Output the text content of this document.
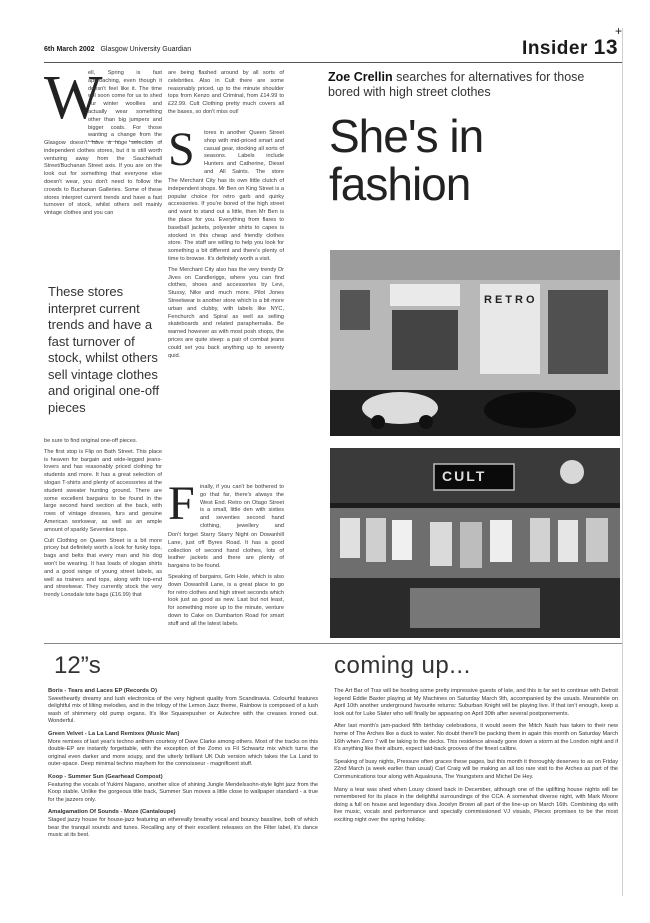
+
6th March 2002 Glasgow University Guardian	Insider 13
Zoe Crellin searches for alternatives for those bored with high street clothes
She's in
fashion
W

ell, Spring is fast approaching, even though it doesn't feel like it. The time will soon come for us to shed our winter woollies and actually wear something other than big jumpers and bigger coats. For those wanting a change from the

Glasgow doesn't have a huge selection of independent clothes stores, but it is still worth venturing away from the Sauchiehall Street/Buchanan Street axis. If you are on the look out for something that everyone else doesn't wear, you don't need to follow the crowds to Buchanan Galleries. Some of these stores interpret current trends and have a fast turnover of stock, whilst others sell mainly vintage clothes and you can

These stores interpret current trends and have a fast turnover of stock, whilst others sell vintage clothes and original one-off pieces

be sure to find original one-off pieces.

The first stop is Flip on Bath Street. This place is heaven for bargain and wide-legged jeans-lovers and has reasonably priced clothing for students and more. It has a great selection of slogan T-shirts and plenty of accessories at the student sweater hunting ground. There are some excellent bargains to be found in the large second hand section at the back, with rows of vintage dresses, furs and genuine American workwear, as well as an ample amount of sparkly Seventies tops.

Cult Clothing on Queen Street is a bit more pricey but definitely worth a look for funky tops, bags and belts that every man and his dog won't be wearing. It has loads of slogan shirts and a good range of young street labels, as well as trainers and tops, along with top-end and streetwear. They currently stock the very trendy Lonsdale tote bags (£16.99) that

are being flashed around by all sorts of celebrities. Also in Cult there are some reasonably priced, up to the minute shoulder tops from Kenzo and Criminal, from £14.99 to £22.99. Cult Clothing pretty much covers all the bases, so don't miss out!

S tores in another Queen Street shop with mid-priced smart and casual gear, stocking all sorts of seasons. Labels include Hunters and Catherine, Diesel and All Saints. The store

The Merchant City has its own little clutch of independent shops. Mr Ben on King Street is a popular choice for retro garb and quirky accessories. If you're bored of the high street and want to stand out a little, then Mr Ben is the place for you. Everything from flares to baseball jackets, polyester shirts to capes is stocked in this cheap and friendly clothes store. The staff are willing to help you look for something a bit different and there's plenty of time to browse. It's definitely worth a visit.

The Merchant City also has the very trendy Dr Jives on Candleriggs, where you can find clothes, shoes and accessories by Levi, Stussy, Nike and much more. Pilot Jones Streetwear is another store which is a bit more urban and clubby, with labels like NYC, Fenchurch and Spiral as well as selling skateboards and related paraphernalia. Be warned however as with most posh shops, the prices are quite steep: a pair of combat jeans could set you back anything up to seventy quid.

F inally, if you can't be bothered to go that far, there's always the West End. Retro on Otago Street is a small, little den with sixties and seventies second hand clothing, jewellery and

Don't forget Starry Starry Night on Dowanhill Lane, just off Byres Road. It has a good collection of second hand clothes, lots of leather jackets and there are plenty of bargains to be found.

Speaking of bargains, Grin Hole, which is also down Dowanhill Lane, is a great place to go for retro clothes and high street seconds which look just as good as new. Last but not least, for something more up to the minute, venture down to Cake on Dumbarton Road for smart stuff and all the latest labels.

RETRO
CULT
12”s	coming up...
Boris - Tears and Laces EP (Records O)

Sweetheartly dreamy and lush electronica of the very highest quality from Scandinavia. Colourful features delightful mix of lilting melodies, and in the trilogy of the Lemon Jazz theme, Rainbow is composed of a lush wash of shimmery old pump organs. It's like Squarepusher or Autechre with the creases ironed out. Wonderful.

Green Velvet - La La Land Remixes (Music Man)

More remixes of last year's techno anthem courtesy of Dave Clarke among others. Most of the tracks on this double-EP are instantly forgettable, with the exception of the Zomo vs Fil Schwartz mix which turns the original even darker and more soupy, and the utterly brilliant UK Dub version which takes the La Land to outer-space. Deep minimal techno mayhem for the connoisseur - magnificent stuff.

Koop - Summer Sun (Gearhead Compost)

Featuring the vocals of Yukimi Nagano, another slice of shining Jungle Mendelssohn-style light jazz from the Koop stable. Unlike the gorgeous title track, Summer Sun moves a little close to wallpaper standard - a true for the jazzers only.

Amalgamation Of Sounds - Moze (Cantaloupe)

Staged jazzy house for house-jazz featuring an ethereally breathy vocal and bouncy bassline, both of which bear the tranquil sounds and tunes. Recalling any of their excellent releases on the Filter label, it's dance music at its best.

The Art Bar of Trax will be hosting some pretty impressive guests of late, and this is far set to continue with Detroit legend Eddie Baxter playing at My Machines on Saturday March 9th, accompanied by the usuals. Meanwhile on April 10th another underground favourite returns: Suburban Knight will be playing live. If that isn't enough, keep a look out for Luke Slater who will finally be appearing on April 30th after several postponements.

After last month's jam-packed fifth birthday celebrations, it would seem the Mitch Nash has taken to their new home of The Arches like a duck to water. No doubt there'll be packing them in again this month on Saturday March 16th when Zero 7 will be taking to the decks. This residence already gone down a storm at the London night and if it's anything like their album, expect laid-back grooves of the finest calibre.

Speaking of busy nights, Pressure often graces these pages, but this month it thoroughly deserves to as on Friday 22nd March (a week earlier than usual) Carl Craig will be making an all too rare visit to the Arches as part of the Communications tour along with Aqualouna, The Youngsters and Michel De Hey.

Many a tear was shed when Lousy closed back in December, although one of the uplifting house nights will be remembered for its place in the delightful surroundings of the CCA. A somewhat diverse night, with Mark Moore doing a full on house and legendary diva Jocelyn Brown all part of the line-up on March 16th. Combining djs with live music, vocals and performance and specially commissioned VJ visuals, Pieces promises to be the most exciting night over the spring holiday.
